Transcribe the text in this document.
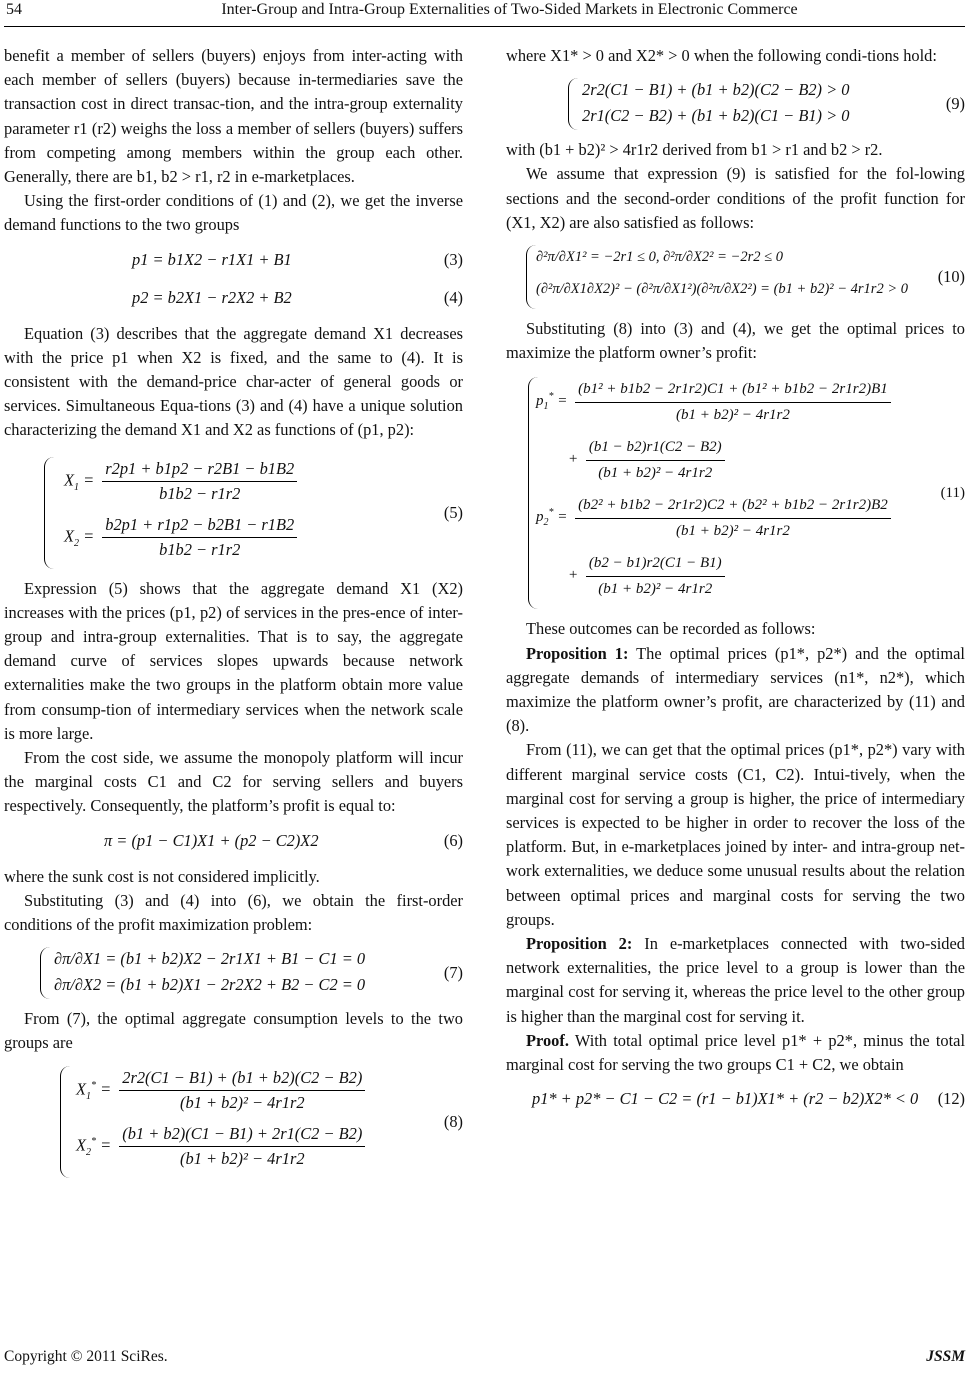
54	Inter-Group and Intra-Group Externalities of Two-Sided Markets in Electronic Commerce

benefit a member of sellers (buyers) enjoys from inter-acting with each member of sellers (buyers) because in-termediaries save the transaction cost in direct transac-tion, and the intra-group externality parameter r1 (r2) weighs the loss a member of sellers (buyers) suffers from competing among members within the group each other. Generally, there are b1, b2 > r1, r2 in e-marketplaces.

Using the first-order conditions of (1) and (2), we get the inverse demand functions to the two groups

p1 = b1X2 − r1X1 + B1	(3)
p2 = b2X1 − r2X2 + B2	(4)

Equation (3) describes that the aggregate demand X1 decreases with the price p1 when X2 is fixed, and the same to (4). It is consistent with the demand-price char-acter of general goods or services. Simultaneous Equa-tions (3) and (4) have a unique solution characterizing the demand X1 and X2 as functions of (p1, p2):

$X_1 = \frac{r2p1 + b1p2 - r2B1 - b1B2}{b1b2 - r1r2}$
$X_2 = \frac{b2p1 + r1p2 - b2B1 - r1B2}{b1b2 - r1r2}$
(5)

Expression (5) shows that the aggregate demand X1 (X2) increases with the prices (p1, p2) of services in the pres-ence of inter-group and intra-group externalities. That is to say, the aggregate demand curve of services slopes upwards because network externalities make the two groups in the platform obtain more value from consump-tion of intermediary services when the network scale is more large.

From the cost side, we assume the monopoly platform will incur the marginal costs C1 and C2 for serving sellers and buyers respectively. Consequently, the platform’s profit is equal to:

π = (p1 − C1)X1 + (p2 − C2)X2	(6)

where the sunk cost is not considered implicitly.

Substituting (3) and (4) into (6), we obtain the first-order conditions of the profit maximization problem:

∂π/∂X1 = (b1 + b2)X2 − 2r1X1 + B1 − C1 = 0
∂π/∂X2 = (b1 + b2)X1 − 2r2X2 + B2 − C2 = 0
(7)

From (7), the optimal aggregate consumption levels to the two groups are

$X_1^* = \frac{2r2(C1 - B1) + (b1 + b2)(C2 - B2)}{\text{(b1 + b2)² − 4r1r2}}$
$X_2^* = \frac{(b1 + b2)(C1 - B1) + 2r1(C2 - B2)}{\text{(b1 + b2)² − 4r1r2}}$
(8)

where X1* > 0 and X2* > 0 when the following condi-tions hold:

2r2(C1 − B1) + (b1 + b2)(C2 − B2) > 0
2r1(C2 − B2) + (b1 + b2)(C1 − B1) > 0
(9)

with (b1 + b2)² > 4r1r2 derived from b1 > r1 and b2 > r2.

We assume that expression (9) is satisfied for the fol-lowing sections and the second-order conditions of the profit function for (X1, X2) are also satisfied as follows:

∂²π/∂X1² = −2r1 ≤ 0, ∂²π/∂X2² = −2r2 ≤ 0
(∂²π/∂X1∂X2)² − (∂²π/∂X1²)(∂²π/∂X2²) = (b1 + b2)² − 4r1r2 > 0
(10)

Substituting (8) into (3) and (4), we get the optimal prices to maximize the platform owner’s profit:

$p_1^* = \frac{\text{(b1² + b1b2 − 2r1r2)C1 + (b1² + b1b2 − 2r1r2)B1}}{\text{(b1 + b2)² − 4r1r2}}$
+ $\frac{(b1 - b2)r1(C2 - B2)}{\text{(b1 + b2)² − 4r1r2}}$
$p_2^* = \frac{\text{(b2² + b1b2 − 2r1r2)C2 + (b2² + b1b2 − 2r1r2)B2}}{\text{(b1 + b2)² − 4r1r2}}$
+ $\frac{(b2 - b1)r2(C1 - B1)}{\text{(b1 + b2)² − 4r1r2}}$
(11)

These outcomes can be recorded as follows:

Proposition 1: The optimal prices (p1*, p2*) and the optimal aggregate demands of intermediary services (n1*, n2*), which maximize the platform owner’s profit, are characterized by (11) and (8).

From (11), we can get that the optimal prices (p1*, p2*) vary with different marginal service costs (C1, C2). Intui-tively, when the marginal cost for serving a group is higher, the price of intermediary services is expected to be higher in order to recover the loss of the platform. But, in e-marketplaces joined by inter- and intra-group net-work externalities, we deduce some unusual results about the relation between optimal prices and marginal costs for serving the two groups.

Proposition 2: In e-marketplaces connected with two-sided network externalities, the price level to a group is lower than the marginal cost for serving it, whereas the price level to the other group is higher than the marginal cost for serving it.

Proof. With total optimal price level p1* + p2*, minus the total marginal cost for serving the two groups C1 + C2, we obtain

p1* + p2* − C1 − C2 = (r1 − b1)X1* + (r2 − b2)X2* < 0 (12)
Copyright © 2011 SciRes.	JSSM
